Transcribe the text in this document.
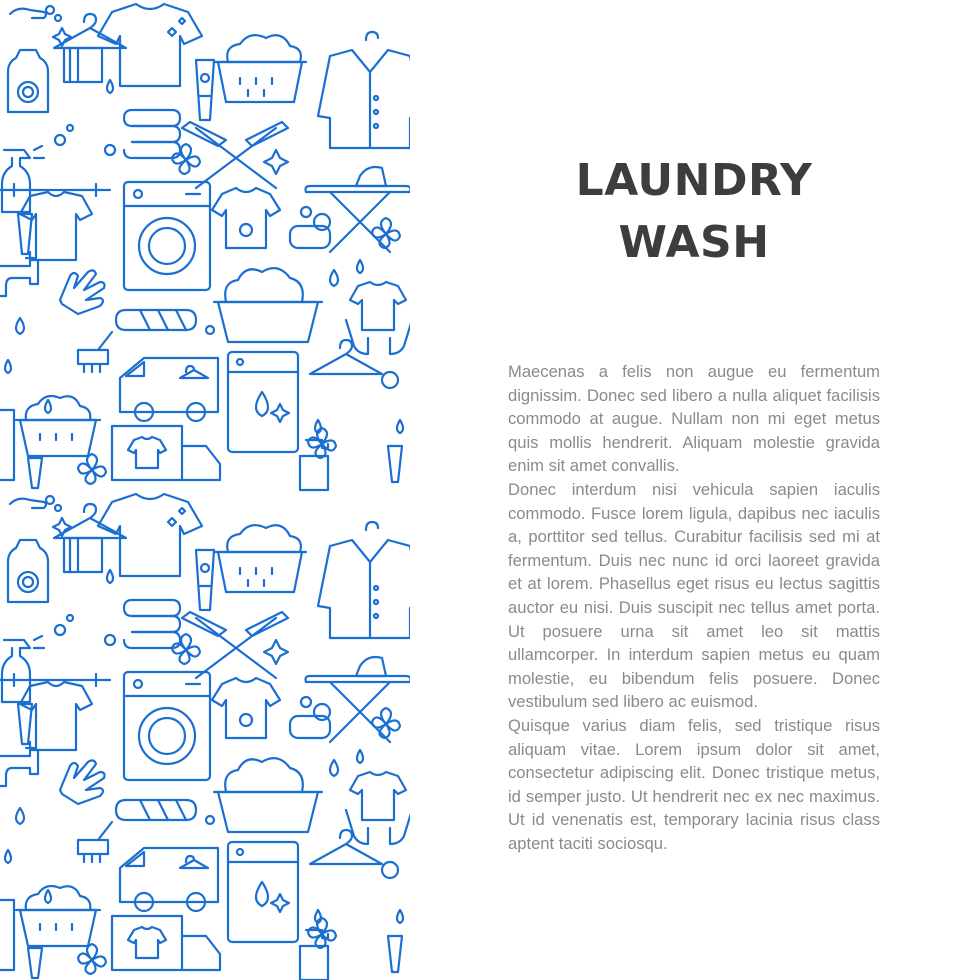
LAUNDRY
WASH

Maecenas a felis non augue eu fermentum dignissim. Donec sed libero a nulla aliquet facilisis commodo at augue. Nullam non mi eget metus quis mollis hendrerit. Aliquam molestie gravida enim sit amet convallis.

Donec interdum nisi vehicula sapien iaculis commodo. Fusce lorem ligula, dapibus nec iaculis a, porttitor sed tellus. Curabitur facilisis sed mi at fermentum. Duis nec nunc id orci laoreet gravida et at lorem. Phasellus eget risus eu lectus sagittis auctor eu nisi. Duis suscipit nec tellus amet porta. Ut posuere urna sit amet leo sit mattis ullamcorper. In interdum sapien metus eu quam molestie, eu bibendum felis posuere. Donec vestibulum sed libero ac euismod.

Quisque varius diam felis, sed tristique risus aliquam vitae. Lorem ipsum dolor sit amet, consectetur adipiscing elit. Donec tristique metus, id semper justo. Ut hendrerit nec ex nec maximus. Ut id venenatis est, temporary lacinia risus class aptent taciti sociosqu.
